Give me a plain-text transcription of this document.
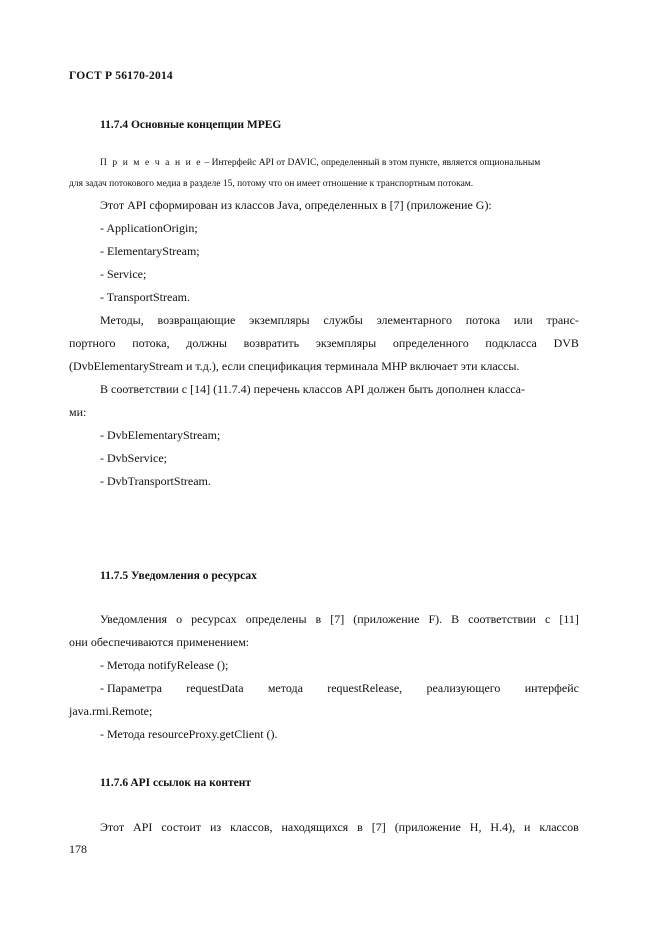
ГОСТ Р 56170-2014
11.7.4 Основные концепции MPEG
П р и м е ч а н и е – Интерфейс API от DAVIC, определенный в этом пункте, является опциональным
для задач потокового медиа в разделе 15, потому что он имеет отношение к транспортным потокам.
Этот API сформирован из классов Java, определенных в [7] (приложение G):
- ApplicationOrigin;
- ElementaryStream;
- Service;
- TransportStream.
Методы, возвращающие экземпляры службы элементарного потока или транс-
портного потока, должны возвратить экземпляры определенного подкласса DVB
(DvbElementaryStream и т.д.), если спецификация терминала MHP включает эти классы.
В соответствии с [14] (11.7.4) перечень классов API должен быть дополнен класса-
ми:
- DvbElementaryStream;
- DvbService;
- DvbTransportStream.
11.7.5 Уведомления о ресурсах
Уведомления о ресурсах определены в [7] (приложение F). В соответствии с [11]
они обеспечиваются применением:
- Метода notifyRelease ();
- Параметра requestData метода requestRelease, реализующего интерфейс
java.rmi.Remote;
- Метода resourceProxy.getClient ().
11.7.6 API ссылок на контент
Этот API состоит из классов, находящихся в [7] (приложение H, H.4), и классов
178
